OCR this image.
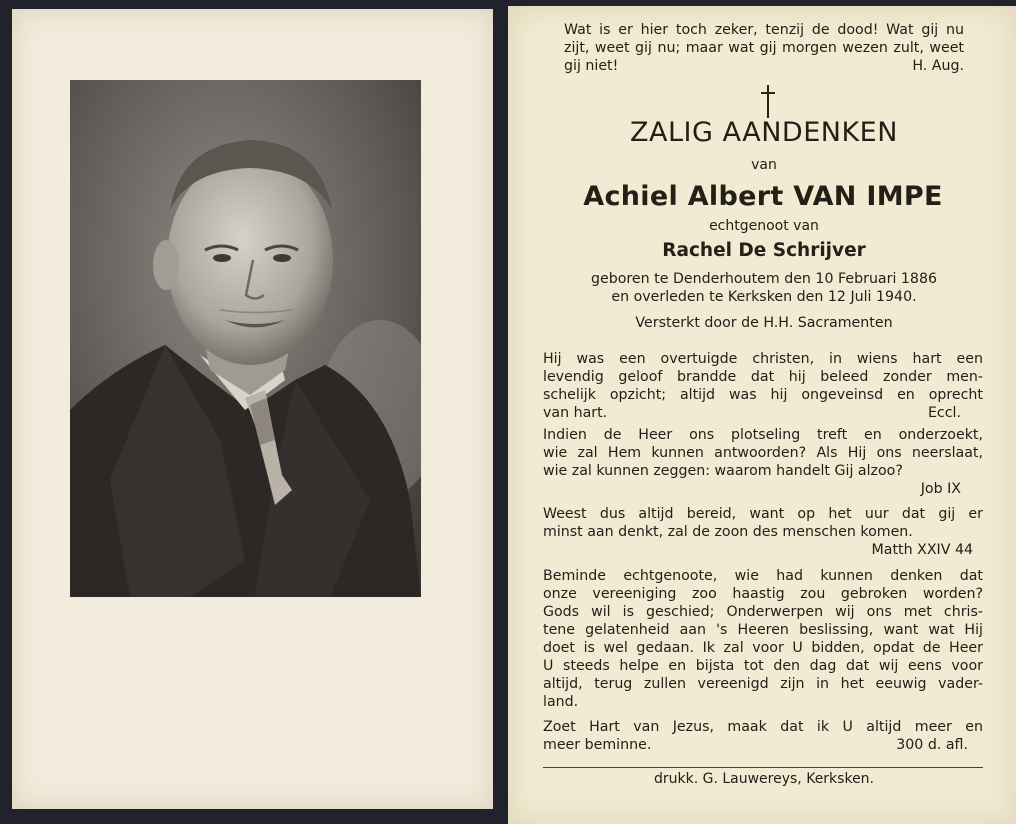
Wat is er hier toch zeker, tenzij de dood! Wat gij nu
zijt, weet gij nu; maar wat gij morgen wezen zult, weet
gij niet!	H. Aug.
ZALIG AANDENKEN
van
Achiel Albert VAN IMPE
echtgenoot van
Rachel De Schrijver
geboren te Denderhoutem den 10 Februari 1886
en overleden te Kerksken den 12 Juli 1940.
Versterkt door de H.H. Sacramenten
Hij was een overtuigde christen, in wiens hart een
levendig geloof brandde dat hij beleed zonder men-
schelijk opzicht; altijd was hij ongeveinsd en oprecht
van hart.	Eccl.
Indien de Heer ons plotseling treft en onderzoekt,
wie zal Hem kunnen antwoorden? Als Hij ons neerslaat,
wie zal kunnen zeggen: waarom handelt Gij alzoo?
Job IX
Weest dus altijd bereid, want op het uur dat gij er
minst aan denkt, zal de zoon des menschen komen.
Matth XXIV 44
Beminde echtgenoote, wie had kunnen denken dat
onze vereeniging zoo haastig zou gebroken worden?
Gods wil is geschied; Onderwerpen wij ons met chris-
tene gelatenheid aan 's Heeren beslissing, want wat Hij
doet is wel gedaan. Ik zal voor U bidden, opdat de Heer
U steeds helpe en bijsta tot den dag dat wij eens voor
altijd, terug zullen vereenigd zijn in het eeuwig vader-
land.
Zoet Hart van Jezus, maak dat ik U altijd meer en
meer beminne.	300 d. afl.
drukk. G. Lauwereys, Kerksken.
